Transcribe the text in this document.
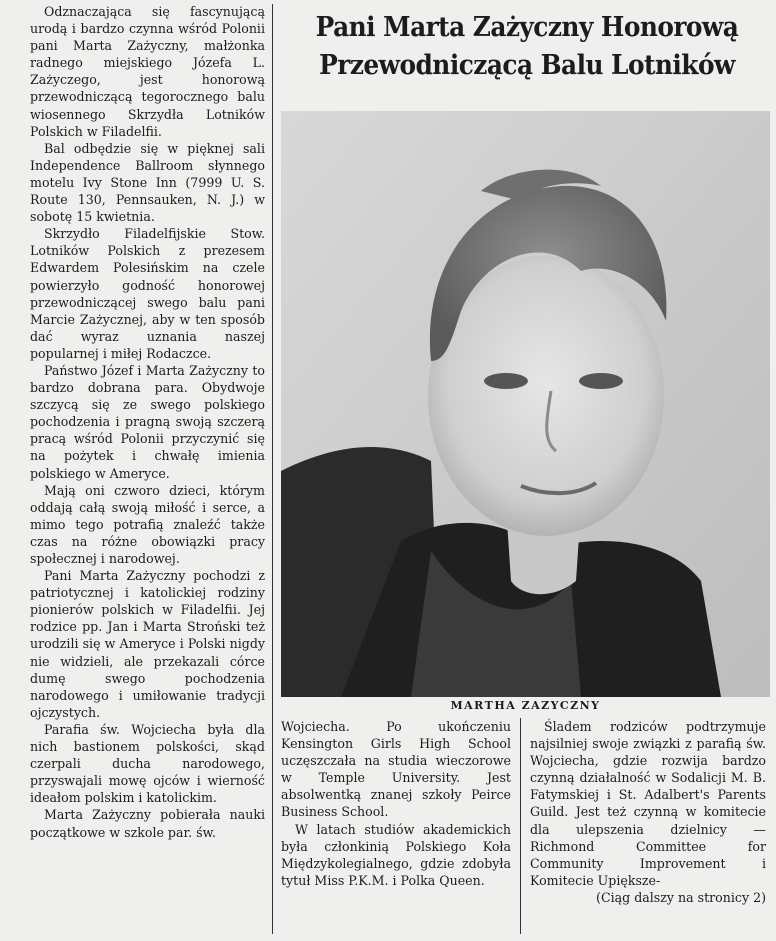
Odznaczająca się fascynującą urodą i bardzo czynna wśród Polonii pani Marta Zażyczny, małżonka radnego miejskiego Józefa L. Zażyczego, jest honorową przewodniczącą tegorocznego balu wiosennego Skrzydła Lotników Polskich w Filadelfii.

Bal odbędzie się w pięknej sali Independence Ballroom słynnego motelu Ivy Stone Inn (7999 U. S. Route 130, Pennsauken, N. J.) w sobotę 15 kwietnia.

Skrzydło Filadelfijskie Stow. Lotników Polskich z prezesem Edwardem Polesińskim na czele powierzyło godność honorowej przewodniczącej swego balu pani Marcie Zażycznej, aby w ten sposób dać wyraz uznania naszej popularnej i miłej Rodaczce.

Państwo Józef i Marta Zażyczny to bardzo dobrana para. Obydwoje szczycą się ze swego polskiego pochodzenia i pragną swoją szczerą pracą wśród Polonii przyczynić się na pożytek i chwałę imienia polskiego w Ameryce.

Mają oni czworo dzieci, którym oddają całą swoją miłość i serce, a mimo tego potrafią znaleźć także czas na różne obowiązki pracy społecznej i narodowej.

Pani Marta Zażyczny pochodzi z patriotycznej i katolickiej rodziny pionierów polskich w Filadelfii. Jej rodzice pp. Jan i Marta Stroński też urodzili się w Ameryce i Polski nigdy nie widzieli, ale przekazali córce dumę swego pochodzenia narodowego i umiłowanie tradycji ojczystych.

Parafia św. Wojciecha była dla nich bastionem polskości, skąd czerpali ducha narodowego, przyswajali mowę ojców i wierność ideałom polskim i katolickim.

Marta Zażyczny pobierała nauki początkowe w szkole par. św.

Pani Marta Zażyczny Honorową
Przewodniczącą Balu Lotników
MARTHA ZAZYCZNY

Wojciecha. Po ukończeniu Kensington Girls High School uczęszczała na studia wieczorowe w Temple University. Jest absolwentką znanej szkoły Peirce Business School.

W latach studiów akademickich była członkinią Polskiego Koła Międzykolegialnego, gdzie zdobyła tytuł Miss P.K.M. i Polka Queen.

Śladem rodziców podtrzymuje najsilniej swoje związki z parafią św. Wojciecha, gdzie rozwija bardzo czynną działalność w Sodalicji M. B. Fatymskiej i St. Adalbert's Parents Guild. Jest też czynną w komitecie dla ulepszenia dzielnicy — Richmond Committee for Community Improvement i Komitecie Upiększe-

(Ciąg dalszy na stronicy 2)
